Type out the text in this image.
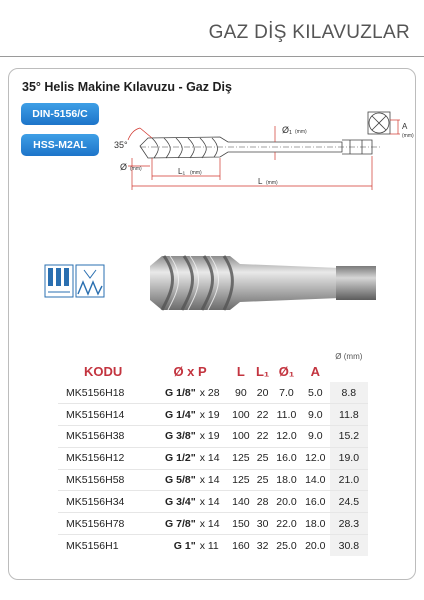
GAZ DİŞ KILAVUZLAR
35° Helis Makine Kılavuzu - Gaz Diş
DIN-5156/C
HSS-M2AL	35°
Ø (mm)
Ø₁ (mm)
L₁ (mm)
L (mm)
A
(mm)
KODU	Ø x P		L	L₁	Ø₁	A	Ø (mm)
MK5156H18	G 1/8"	x 28	90	20	7.0	5.0	8.8
MK5156H14	G 1/4"	x 19	100	22	11.0	9.0	11.8
MK5156H38	G 3/8"	x 19	100	22	12.0	9.0	15.2
MK5156H12	G 1/2"	x 14	125	25	16.0	12.0	19.0
MK5156H58	G 5/8"	x 14	125	25	18.0	14.0	21.0
MK5156H34	G 3/4"	x 14	140	28	20.0	16.0	24.5
MK5156H78	G 7/8"	x 14	150	30	22.0	18.0	28.3
MK5156H1	G 1"	x 11	160	32	25.0	20.0	30.8
